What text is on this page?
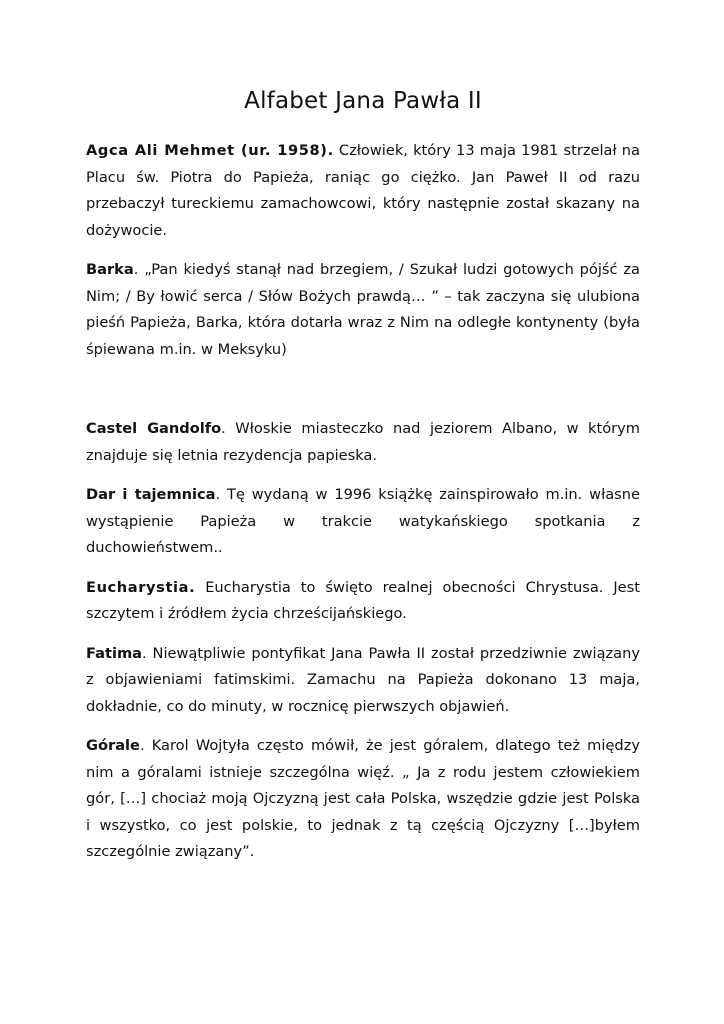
Alfabet Jana Pawła II

Agca Ali Mehmet (ur. 1958). Człowiek, który 13 maja 1981 strzelał na Placu św. Piotra do Papieża, raniąc go ciężko. Jan Paweł II od razu przebaczył tureckiemu zamachowcowi, który następnie został skazany na dożywocie.

Barka. „Pan kiedyś stanął nad brzegiem, / Szukał ludzi gotowych pójść za Nim; / By łowić serca / Słów Bożych prawdą… ” – tak zaczyna się ulubiona pieśń Papieża, Barka, która dotarła wraz z Nim na odległe kontynenty (była śpiewana m.in. w Meksyku)

Castel Gandolfo. Włoskie miasteczko nad jeziorem Albano, w którym znajduje się letnia rezydencja papieska.

Dar i tajemnica. Tę wydaną w 1996 książkę zainspirowało m.in. własne wystąpienie Papieża w trakcie watykańskiego spotkania z duchowieństwem..

Eucharystia. Eucharystia to święto realnej obecności Chrystusa. Jest szczytem i źródłem życia chrześcijańskiego.

Fatima. Niewątpliwie pontyfikat Jana Pawła II został przedziwnie związany z objawieniami fatimskimi. Zamachu na Papieża dokonano 13 maja, dokładnie, co do minuty, w rocznicę pierwszych objawień.

Górale. Karol Wojtyła często mówił, że jest góralem, dlatego też między nim a góralami istnieje szczególna więź. „ Ja z rodu jestem człowiekiem gór, […] chociaż moją Ojczyzną jest cała Polska, wszędzie gdzie jest Polska i wszystko, co jest polskie, to jednak z tą częścią Ojczyzny […]byłem szczególnie związany”.
